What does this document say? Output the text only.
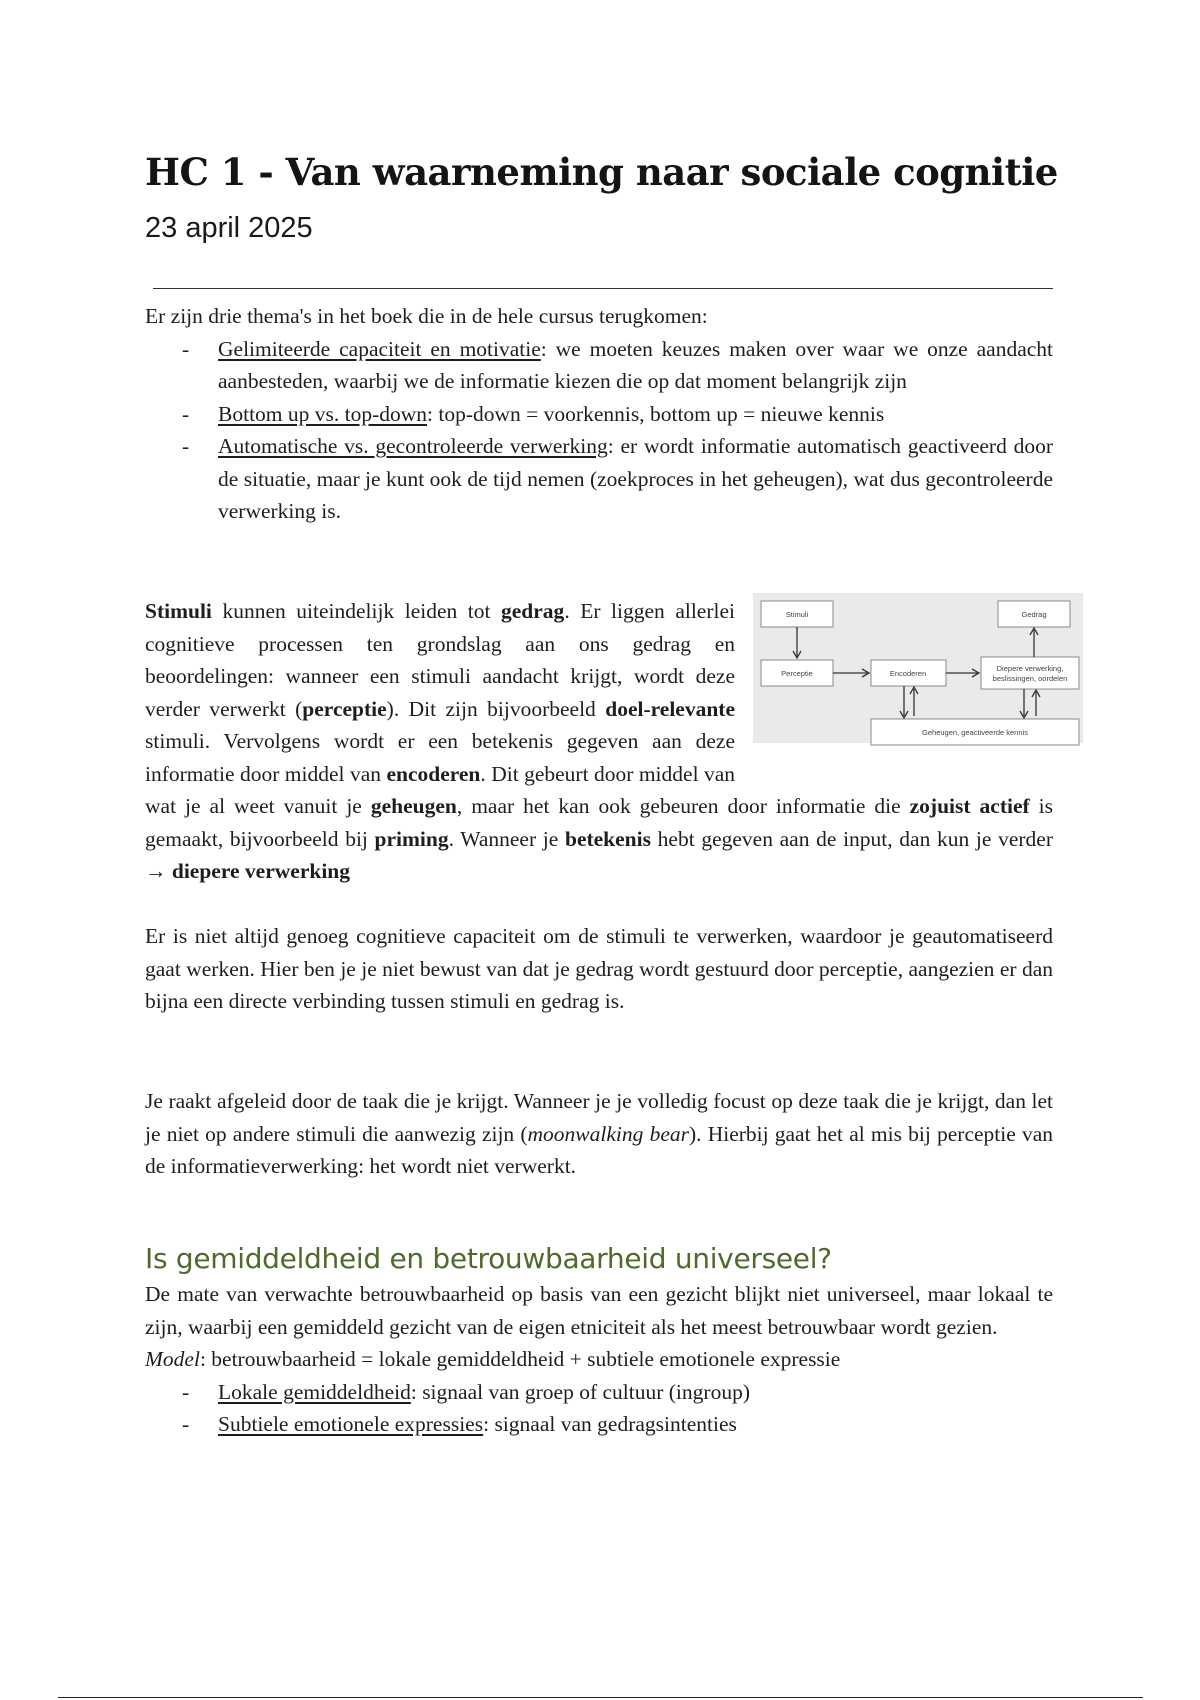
HC 1 - Van waarneming naar sociale cognitie
23 april 2025
Er zijn drie thema's in het boek die in de hele cursus terugkomen:
- Gelimiteerde capaciteit en motivatie: we moeten keuzes maken over waar we onze aandacht aanbesteden, waarbij we de informatie kiezen die op dat moment belangrijk zijn
- Bottom up vs. top-down: top-down = voorkennis, bottom up = nieuwe kennis
- Automatische vs. gecontroleerde verwerking: er wordt informatie automatisch geactiveerd door de situatie, maar je kunt ook de tijd nemen (zoekproces in het geheugen), wat dus gecontroleerde verwerking is.
Stimuli	Gedrag
Perceptie	Encoderen
Diepere verwerking,
beslissingen, oordelen
Geheugen, geactiveerde kennis
Stimuli kunnen uiteindelijk leiden tot gedrag. Er liggen allerlei cognitieve processen ten grondslag aan ons gedrag en beoordelingen: wanneer een stimuli aandacht krijgt, wordt deze verder verwerkt (perceptie). Dit zijn bijvoorbeeld doel-relevante stimuli. Vervolgens wordt er een betekenis gegeven aan deze informatie door middel van encoderen. Dit gebeurt door middel van wat je al weet vanuit je geheugen, maar het kan ook gebeuren door informatie die zojuist actief is gemaakt, bijvoorbeeld bij priming. Wanneer je betekenis hebt gegeven aan de input, dan kun je verder → diepere verwerking
Er is niet altijd genoeg cognitieve capaciteit om de stimuli te verwerken, waardoor je geautomatiseerd gaat werken. Hier ben je je niet bewust van dat je gedrag wordt gestuurd door perceptie, aangezien er dan bijna een directe verbinding tussen stimuli en gedrag is.
Je raakt afgeleid door de taak die je krijgt. Wanneer je je volledig focust op deze taak die je krijgt, dan let je niet op andere stimuli die aanwezig zijn (moonwalking bear). Hierbij gaat het al mis bij perceptie van de informatieverwerking: het wordt niet verwerkt.
Is gemiddeldheid en betrouwbaarheid universeel?
De mate van verwachte betrouwbaarheid op basis van een gezicht blijkt niet universeel, maar lokaal te zijn, waarbij een gemiddeld gezicht van de eigen etniciteit als het meest betrouwbaar wordt gezien.
Model: betrouwbaarheid = lokale gemiddeldheid + subtiele emotionele expressie
- Lokale gemiddeldheid: signaal van groep of cultuur (ingroup)
- Subtiele emotionele expressies: signaal van gedragsintenties
